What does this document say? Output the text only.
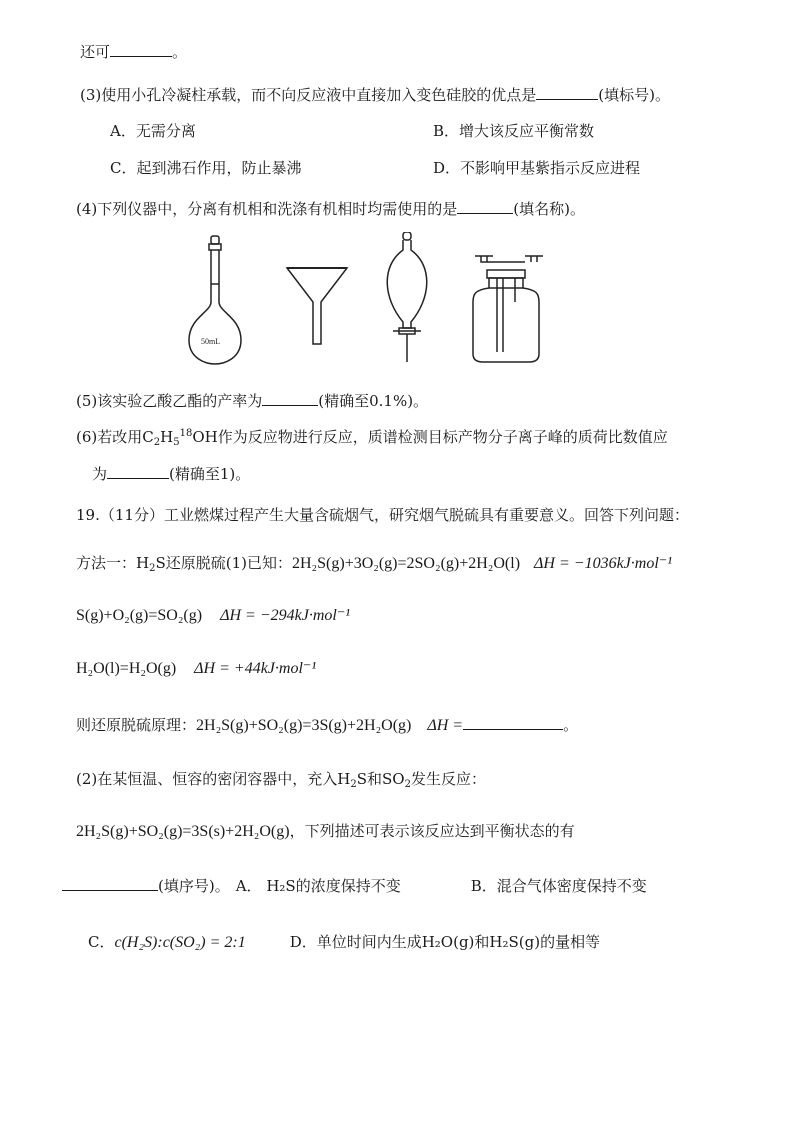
还可	。
(3)使用小孔冷凝柱承载，而不向反应液中直接加入变色硅胶的优点是	(填标号)。
A．无需分离	B．增大该反应平衡常数
C．起到沸石作用，防止暴沸	D．不影响甲基紫指示反应进程
(4)下列仪器中，分离有机相和洗涤有机相时均需使用的是	(填名称)。
50mL
(5)该实验乙酸乙酯的产率为	(精确至0.1%)。
(6)若改用$C_2H_5^{18}OH$作为反应物进行反应，质谱检测目标产物分子离子峰的质荷比数值应
为	(精确至1)。
19.（11分）工业燃煤过程产生大量含硫烟气，研究烟气脱硫具有重要意义。回答下列问题：
方法一：$H_2S$还原脱硫(1)已知：2H₂S(g)+3O₂(g)=2SO₂(g)+2H₂O(l) ΔH = −1036kJ·mol⁻¹
S(g)+O₂(g)=SO₂(g) ΔH = −294kJ·mol⁻¹
H₂O(l)=H₂O(g) ΔH = +44kJ·mol⁻¹
则还原脱硫原理：2H₂S(g)+SO₂(g)=3S(g)+2H₂O(g) ΔH =	。
(2)在某恒温、恒容的密闭容器中，充入$H_2S$和$SO_2$发生反应：
2H₂S(g)+SO₂(g)=3S(s)+2H₂O(g)，下列描述可表示该反应达到平衡状态的有
(填序号)。 A． H₂S的浓度保持不变	B．混合气体密度保持不变
C．c(H₂S):c(SO₂) = 2:1	D．单位时间内生成H₂O(g)和H₂S(g)的量相等
